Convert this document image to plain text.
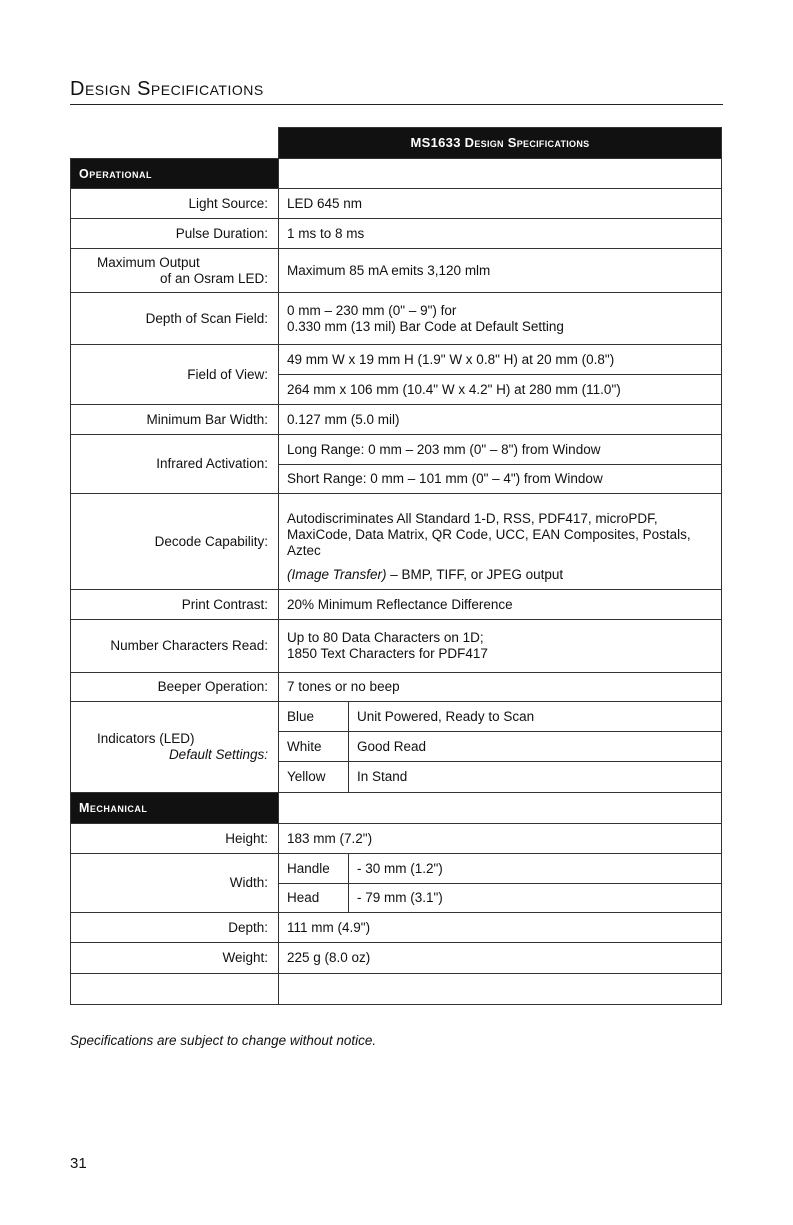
Design Specifications
	MS1633 Design Specifications	
Operational		
Light Source:	LED 645 nm	
Pulse Duration:	1 ms to 8 ms	

Maximum Output
of an Osram LED:	Maximum 85 mA emits 3,120 mlm	
Depth of Scan Field:	0 mm – 230 mm (0" – 9") for
0.330 mm (13 mil) Bar Code at Default Setting	

Field of View:	49 mm W x 19 mm H (1.9" W x 0.8" H) at 20 mm (0.8")	
	264 mm x 106 mm (10.4" W x 4.2" H) at 280 mm (11.0")	
Minimum Bar Width:	0.127 mm (5.0 mil)	
Infrared Activation:	Long Range: 0 mm – 203 mm (0" – 8") from Window	
	Short Range: 0 mm – 101 mm (0" – 4") from Window	
Decode Capability:	Autodiscriminates All Standard 1-D, RSS, PDF417, microPDF, MaxiCode, Data Matrix, QR Code, UCC, EAN Composites, Postals, Aztec	
	(Image Transfer) – BMP, TIFF, or JPEG output	
Print Contrast:	20% Minimum Reflectance Difference	
Number Characters Read:	Up to 80 Data Characters on 1D;
1850 Text Characters for PDF417	

Beeper Operation:	7 tones or no beep	

Indicators (LED)
Default Settings:	Blue	Unit Powered, Ready to Scan
	White	Good Read
	Yellow	In Stand
Mechanical		
Height:	183 mm (7.2")	
Width:	Handle	- 30 mm (1.2")
	Head	- 79 mm (3.1")
Depth:	111 mm (4.9")	
Weight:	225 g (8.0 oz)	

Specifications are subject to change without notice.
31
